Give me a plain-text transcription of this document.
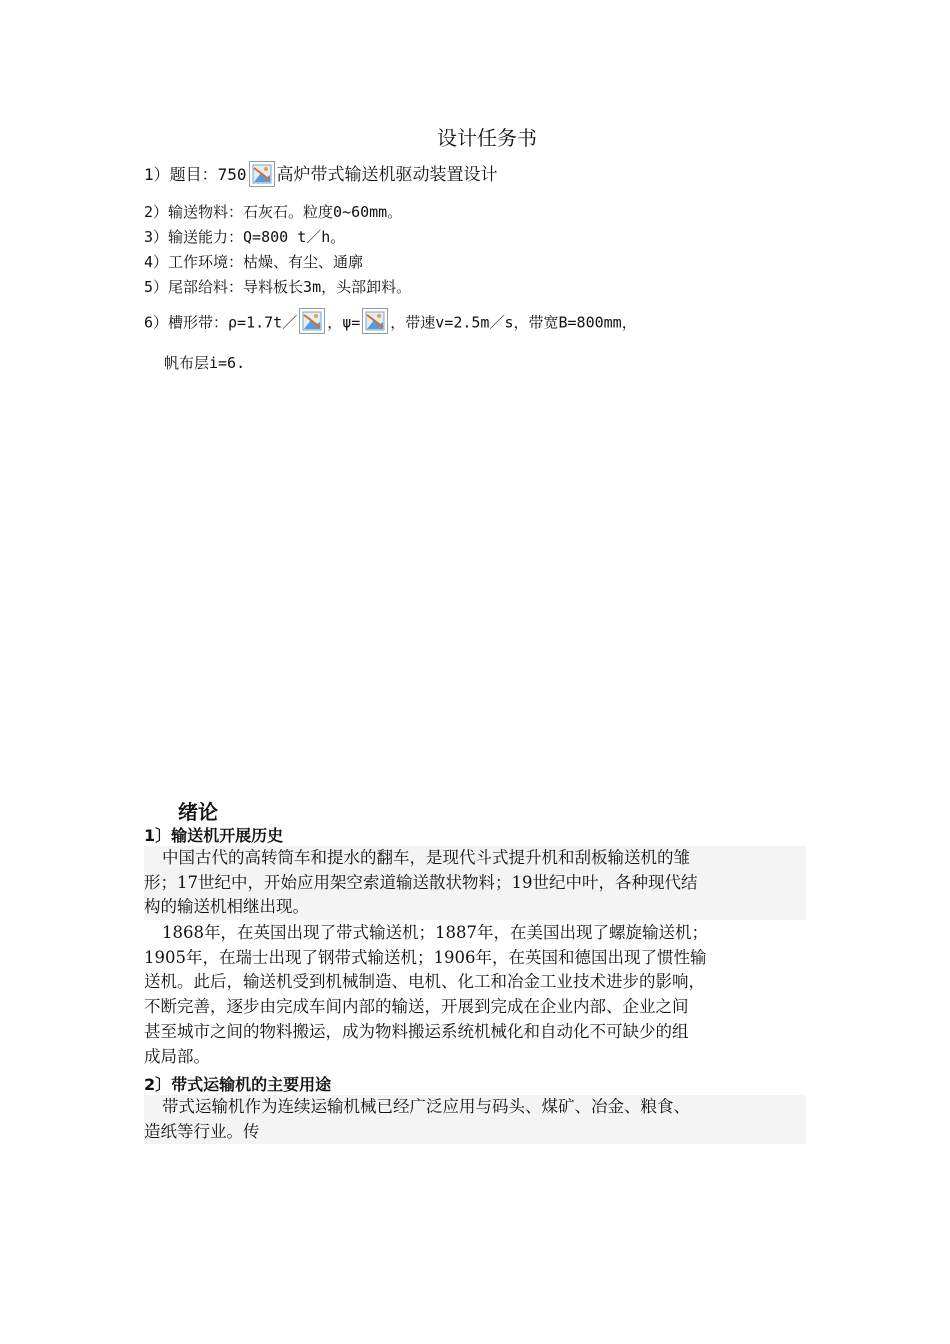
设计任务书
1）题目：750 高炉带式输送机驱动装置设计
2）输送物料：石灰石。粒度0~60mm。
3）输送能力：Q=800 t／h。
4）工作环境：枯燥、有尘、通廓
5）尾部给料：导料板长3m，头部卸料。
6）槽形带：ρ=1.7t／ ，ψ= ，带速v=2.5m／s，带宽B=800mm，
帆布层i=6.
绪论
1〕输送机开展历史
中国古代的高转筒车和提水的翻车，是现代斗式提升机和刮板输送机的雏
形；17世纪中，开始应用架空索道输送散状物料；19世纪中叶，各种现代结
构的输送机相继出现。
1868年，在英国出现了带式输送机；1887年，在美国出现了螺旋输送机；
1905年，在瑞士出现了钢带式输送机；1906年，在英国和德国出现了惯性输
送机。此后，输送机受到机械制造、电机、化工和冶金工业技术进步的影响，
不断完善，逐步由完成车间内部的输送，开展到完成在企业内部、企业之间
甚至城市之间的物料搬运，成为物料搬运系统机械化和自动化不可缺少的组
成局部。
2〕带式运输机的主要用途
带式运输机作为连续运输机械已经广泛应用与码头、煤矿、冶金、粮食、
造纸等行业。传
